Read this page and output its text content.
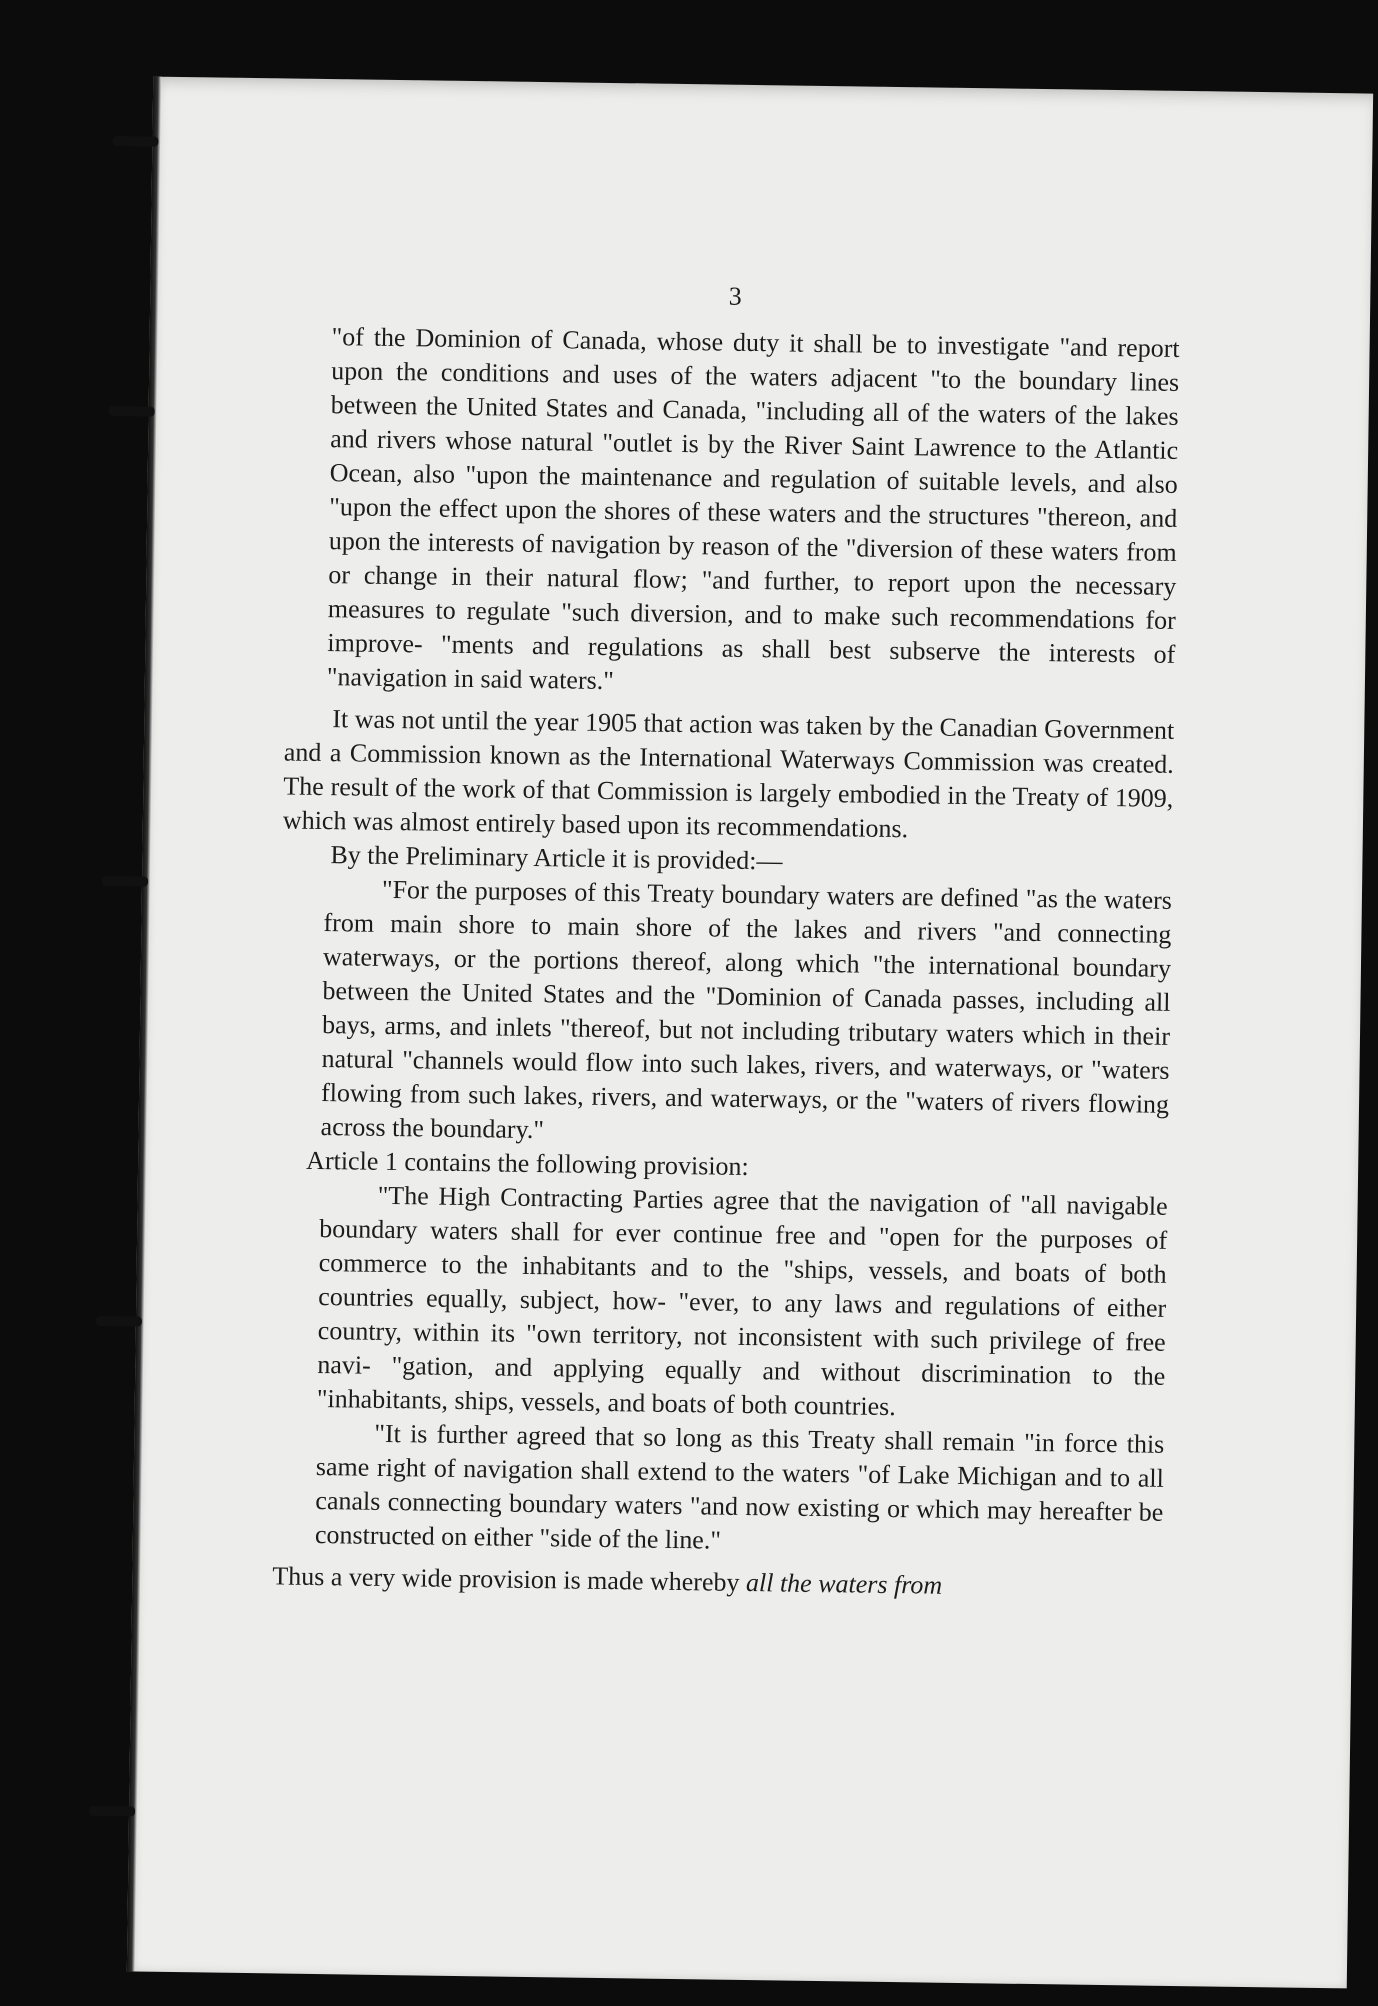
3

"of the Dominion of Canada, whose duty it shall be to investigate "and report upon the conditions and uses of the waters adjacent "to the boundary lines between the United States and Canada, "including all of the waters of the lakes and rivers whose natural "outlet is by the River Saint Lawrence to the Atlantic Ocean, also "upon the maintenance and regulation of suitable levels, and also "upon the effect upon the shores of these waters and the structures "thereon, and upon the interests of navigation by reason of the "diversion of these waters from or change in their natural flow; "and further, to report upon the necessary measures to regulate "such diversion, and to make such recommendations for improve- "ments and regulations as shall best subserve the interests of "navigation in said waters."

It was not until the year 1905 that action was taken by the Canadian Government and a Commission known as the International Waterways Commission was created. The result of the work of that Commission is largely embodied in the Treaty of 1909, which was almost entirely based upon its recommendations.

By the Preliminary Article it is provided:—

"For the purposes of this Treaty boundary waters are defined "as the waters from main shore to main shore of the lakes and rivers "and connecting waterways, or the portions thereof, along which "the international boundary between the United States and the "Dominion of Canada passes, including all bays, arms, and inlets "thereof, but not including tributary waters which in their natural "channels would flow into such lakes, rivers, and waterways, or "waters flowing from such lakes, rivers, and waterways, or the "waters of rivers flowing across the boundary."

Article 1 contains the following provision:

"The High Contracting Parties agree that the navigation of "all navigable boundary waters shall for ever continue free and "open for the purposes of commerce to the inhabitants and to the "ships, vessels, and boats of both countries equally, subject, how- "ever, to any laws and regulations of either country, within its "own territory, not inconsistent with such privilege of free navi- "gation, and applying equally and without discrimination to the "inhabitants, ships, vessels, and boats of both countries.

"It is further agreed that so long as this Treaty shall remain "in force this same right of navigation shall extend to the waters "of Lake Michigan and to all canals connecting boundary waters "and now existing or which may hereafter be constructed on either "side of the line."

Thus a very wide provision is made whereby all the waters from
